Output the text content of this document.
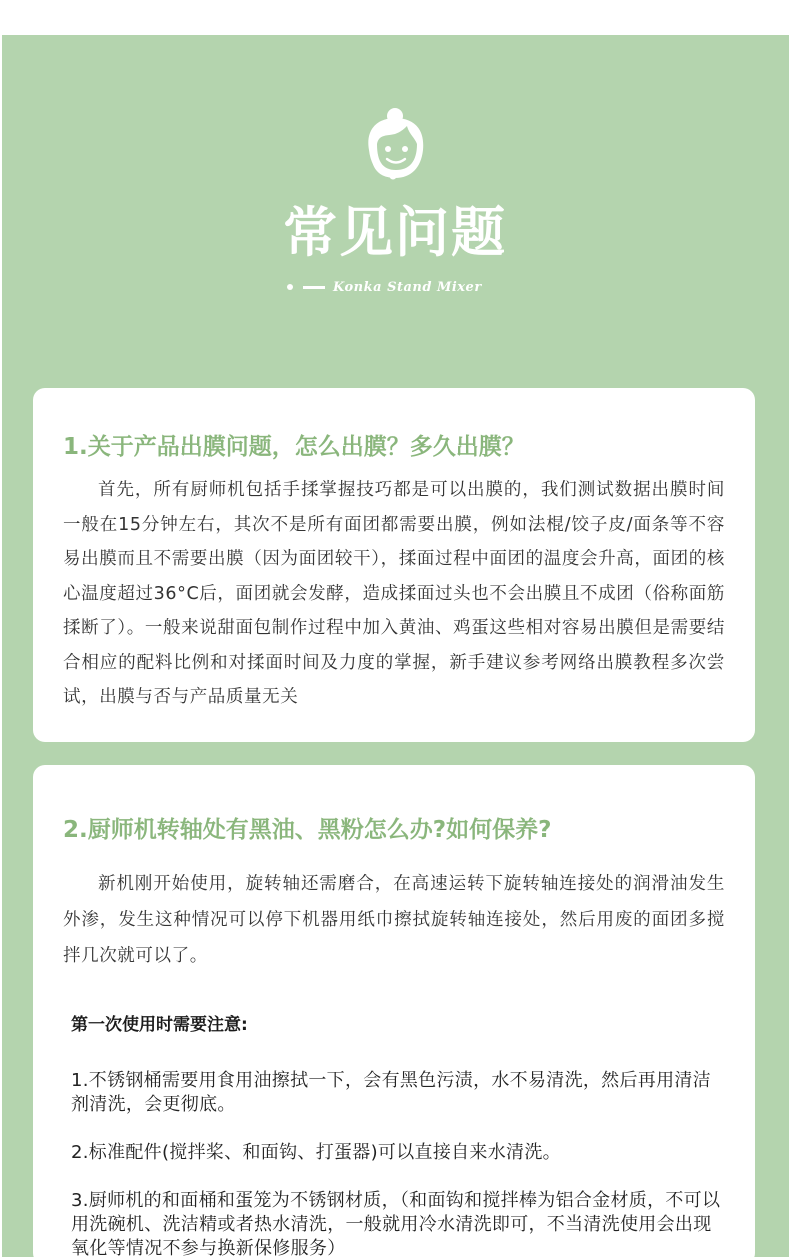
常见问题
Konka Stand Mixer
1.关于产品出膜问题，怎么出膜？多久出膜？
首先，所有厨师机包括手揉掌握技巧都是可以出膜的，我们测试数据出膜时间一般在15分钟左右，其次不是所有面团都需要出膜，例如法棍/饺子皮/面条等不容易出膜而且不需要出膜（因为面团较干），揉面过程中面团的温度会升高，面团的核心温度超过36°C后，面团就会发酵，造成揉面过头也不会出膜且不成团（俗称面筋揉断了）。一般来说甜面包制作过程中加入黄油、鸡蛋这些相对容易出膜但是需要结合相应的配料比例和对揉面时间及力度的掌握，新手建议参考网络出膜教程多次尝试，出膜与否与产品质量无关
2.厨师机转轴处有黑油、黑粉怎么办?如何保养?
新机刚开始使用，旋转轴还需磨合，在高速运转下旋转轴连接处的润滑油发生外渗，发生这种情况可以停下机器用纸巾擦拭旋转轴连接处，然后用废的面团多搅拌几次就可以了。
第一次使用时需要注意:
1.不锈钢桶需要用食用油擦拭一下，会有黑色污渍，水不易清洗，然后再用清洁剂清洗，会更彻底。
2.标准配件(搅拌桨、和面钩、打蛋器)可以直接自来水清洗。
3.厨师机的和面桶和蛋笼为不锈钢材质，（和面钩和搅拌棒为铝合金材质，不可以用洗碗机、洗洁精或者热水清洗，一般就用冷水清洗即可，不当清洗使用会出现氧化等情况不参与换新保修服务）
